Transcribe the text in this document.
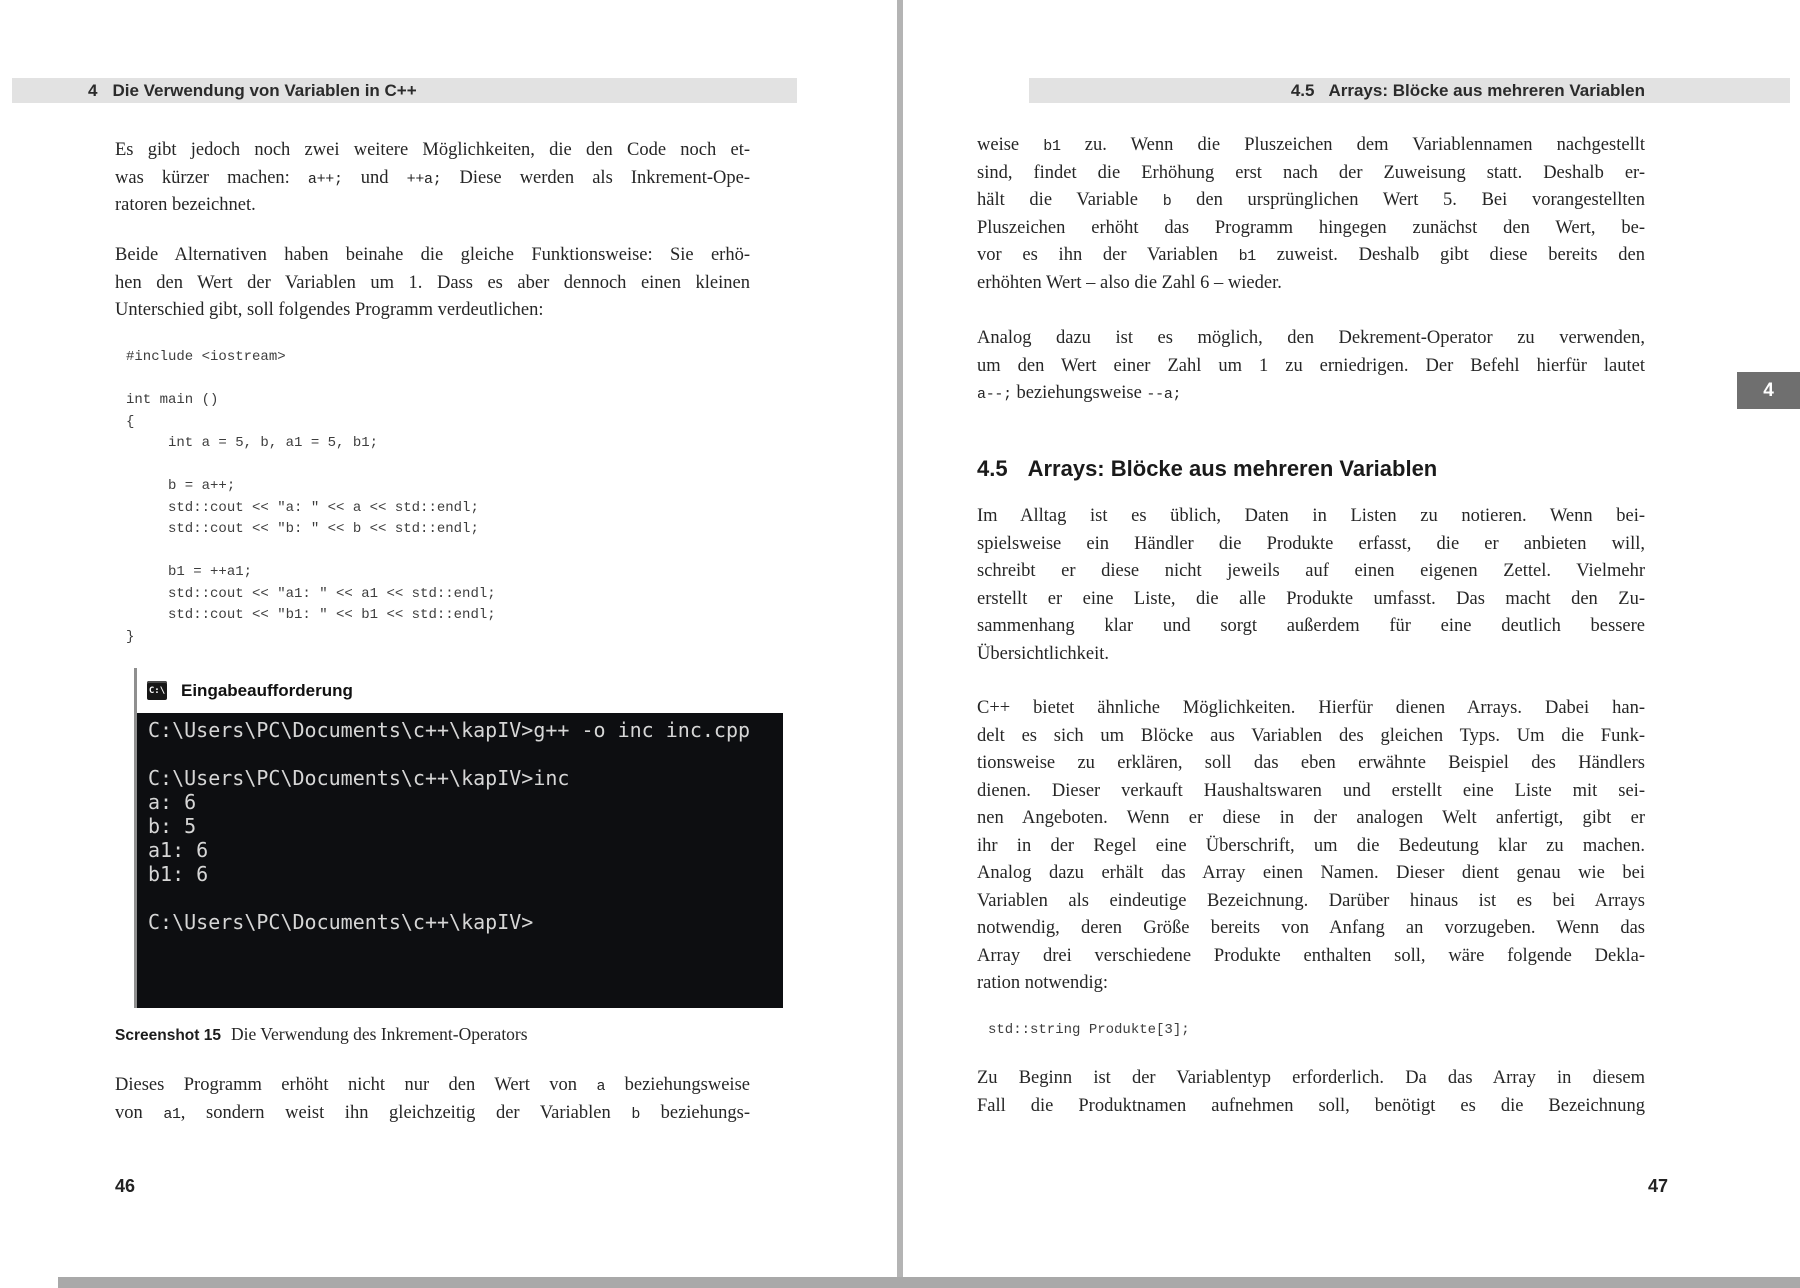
4 Die Verwendung von Variablen in C++
Es gibt jedoch noch zwei weitere Möglichkeiten, die den Code noch et-
was kürzer machen: a++; und ++a; Diese werden als Inkrement-Ope-
ratoren bezeichnet.
Beide Alternativen haben beinahe die gleiche Funktionsweise: Sie erhö-
hen den Wert der Variablen um 1. Dass es aber dennoch einen kleinen
Unterschied gibt, soll folgendes Programm verdeutlichen:
#include <iostream>

int main ()
{
int a = 5, b, a1 = 5, b1;

b = a++;
std::cout << "a: " << a << std::endl;
std::cout << "b: " << b << std::endl;

b1 = ++a1;
std::cout << "a1: " << a1 << std::endl;
std::cout << "b1: " << b1 << std::endl;
}
C:\ Eingabeaufforderung
C:\Users\PC\Documents\c++\kapIV>g++ -o inc inc.cpp

C:\Users\PC\Documents\c++\kapIV>inc
a: 6
b: 5
a1: 6
b1: 6

C:\Users\PC\Documents\c++\kapIV>
Screenshot 15 Die Verwendung des Inkrement-Operators
Dieses Programm erhöht nicht nur den Wert von a beziehungsweise
von a1, sondern weist ihn gleichzeitig der Variablen b beziehungs-
46
4.5 Arrays: Blöcke aus mehreren Variablen
weise b1 zu. Wenn die Pluszeichen dem Variablennamen nachgestellt
sind, findet die Erhöhung erst nach der Zuweisung statt. Deshalb er-
hält die Variable b den ursprünglichen Wert 5. Bei vorangestellten
Pluszeichen erhöht das Programm hingegen zunächst den Wert, be-
vor es ihn der Variablen b1 zuweist. Deshalb gibt diese bereits den
erhöhten Wert – also die Zahl 6 – wieder.
Analog dazu ist es möglich, den Dekrement-Operator zu verwenden,
um den Wert einer Zahl um 1 zu erniedrigen. Der Befehl hierfür lautet
a--; beziehungsweise --a;
4.5 Arrays: Blöcke aus mehreren Variablen
Im Alltag ist es üblich, Daten in Listen zu notieren. Wenn bei-
spielsweise ein Händler die Produkte erfasst, die er anbieten will,
schreibt er diese nicht jeweils auf einen eigenen Zettel. Vielmehr
erstellt er eine Liste, die alle Produkte umfasst. Das macht den Zu-
sammenhang klar und sorgt außerdem für eine deutlich bessere
Übersichtlichkeit.
C++ bietet ähnliche Möglichkeiten. Hierfür dienen Arrays. Dabei han-
delt es sich um Blöcke aus Variablen des gleichen Typs. Um die Funk-
tionsweise zu erklären, soll das eben erwähnte Beispiel des Händlers
dienen. Dieser verkauft Haushaltswaren und erstellt eine Liste mit sei-
nen Angeboten. Wenn er diese in der analogen Welt anfertigt, gibt er
ihr in der Regel eine Überschrift, um die Bedeutung klar zu machen.
Analog dazu erhält das Array einen Namen. Dieser dient genau wie bei
Variablen als eindeutige Bezeichnung. Darüber hinaus ist es bei Arrays
notwendig, deren Größe bereits von Anfang an vorzugeben. Wenn das
Array drei verschiedene Produkte enthalten soll, wäre folgende Dekla-
ration notwendig:
std::string Produkte[3];
Zu Beginn ist der Variablentyp erforderlich. Da das Array in diesem
Fall die Produktnamen aufnehmen soll, benötigt es die Bezeichnung
4
47
